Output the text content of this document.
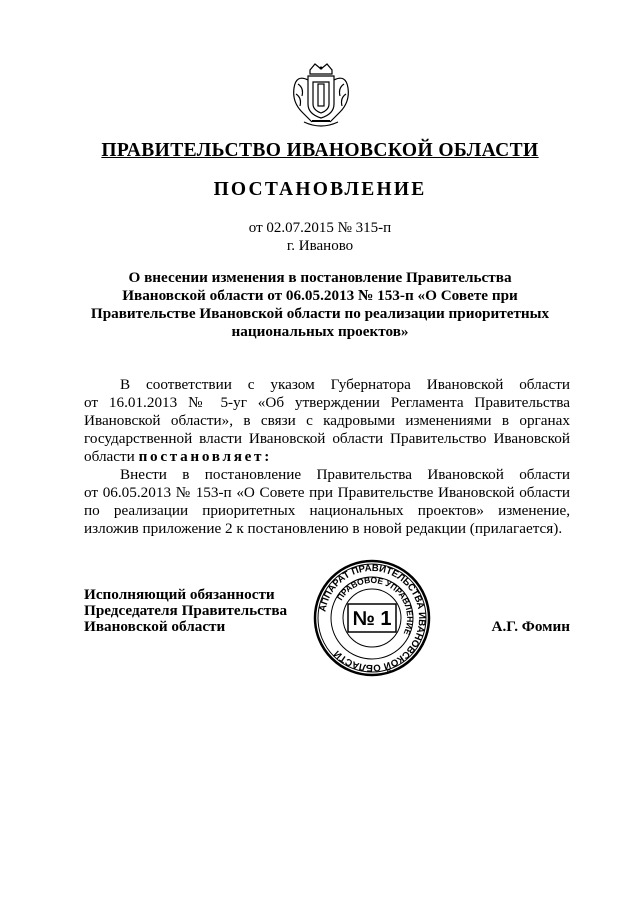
ПРАВИТЕЛЬСТВО ИВАНОВСКОЙ ОБЛАСТИ
ПОСТАНОВЛЕНИЕ
от 02.07.2015 № 315-п
г. Иваново
О внесении изменения в постановление Правительства
Ивановской области от 06.05.2013 № 153-п «О Совете при
Правительстве Ивановской области по реализации приоритетных
национальных проектов»
В соответствии с указом Губернатора Ивановской области
от 16.01.2013 № 5-уг «Об утверждении Регламента Правительства
Ивановской области», в связи с кадровыми изменениями в органах
государственной власти Ивановской области Правительство Ивановской
области постановляет:
Внести в постановление Правительства Ивановской области
от 06.05.2013 № 153-п «О Совете при Правительстве Ивановской области
по реализации приоритетных национальных проектов» изменение,
изложив приложение 2 к постановлению в новой редакции (прилагается).
Исполняющий обязанности
Председателя Правительства
Ивановской области	А.Г. Фомин
АППАРАТ ПРАВИТЕЛЬСТВА ИВАНОВСКОЙ ОБЛАСТИ
ПРАВОВОЕ УПРАВЛЕНИЕ
№ 1
